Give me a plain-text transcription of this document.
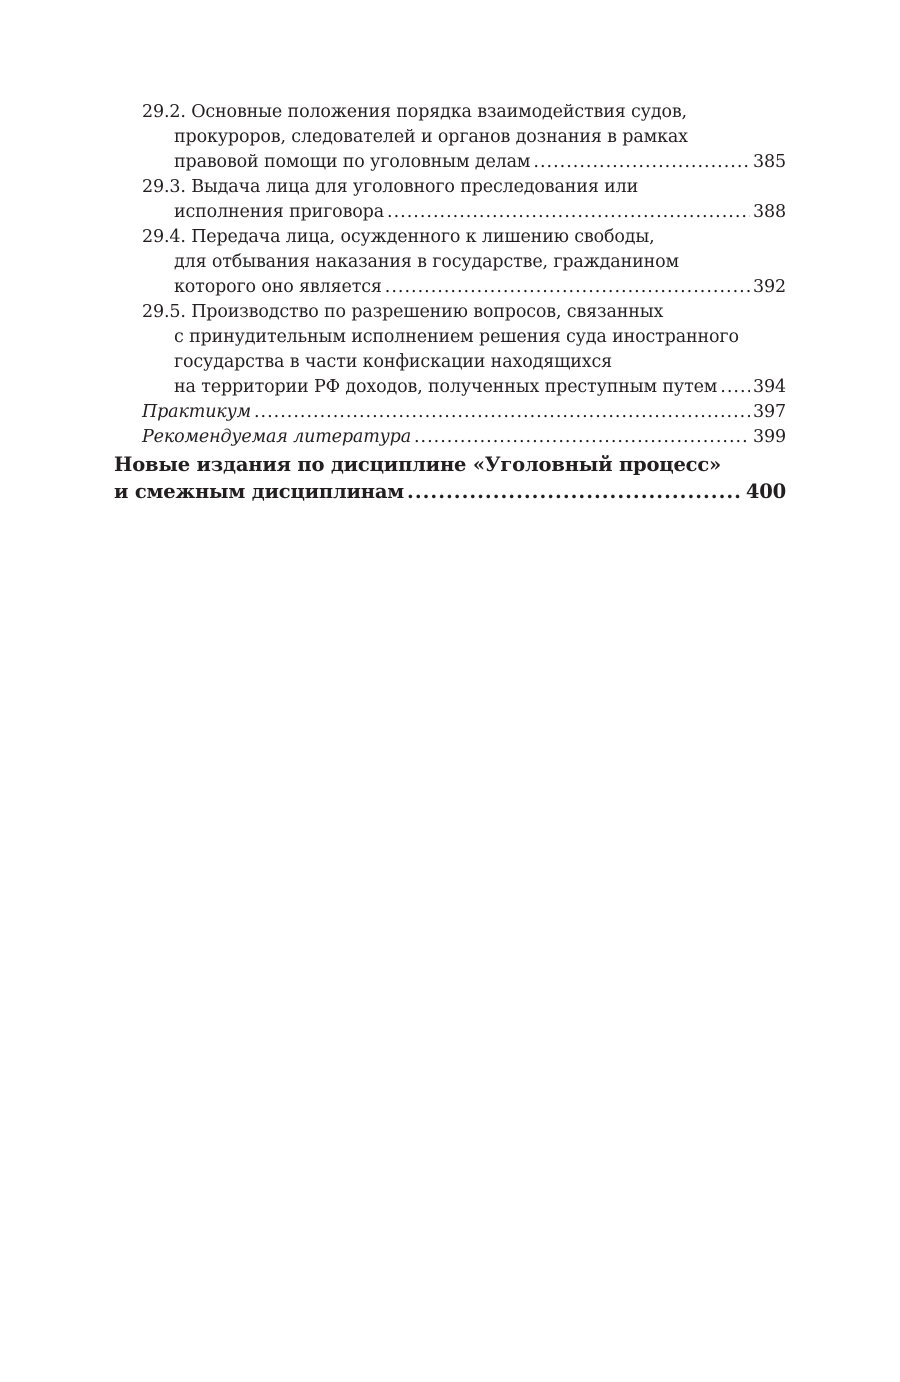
29.2. Основные положения порядка взаимодействия судов,
прокуроров, следователей и органов дознания в рамках
правовой помощи по уголовным делам .....	385
29.3. Выдача лица для уголовного преследования или
исполнения приговора .....	388
29.4. Передача лица, осужденного к лишению свободы,
для отбывания наказания в государстве, гражданином
которого оно является .....	392
29.5. Производство по разрешению вопросов, связанных
с принудительным исполнением решения суда иностранного
государства в части конфискации находящихся
на территории РФ доходов, полученных преступным путем ..... 394
Практикум .....	397
Рекомендуемая литература .....	399
Новые издания по дисциплине «Уголовный процесс»
и смежным дисциплинам .....	400
